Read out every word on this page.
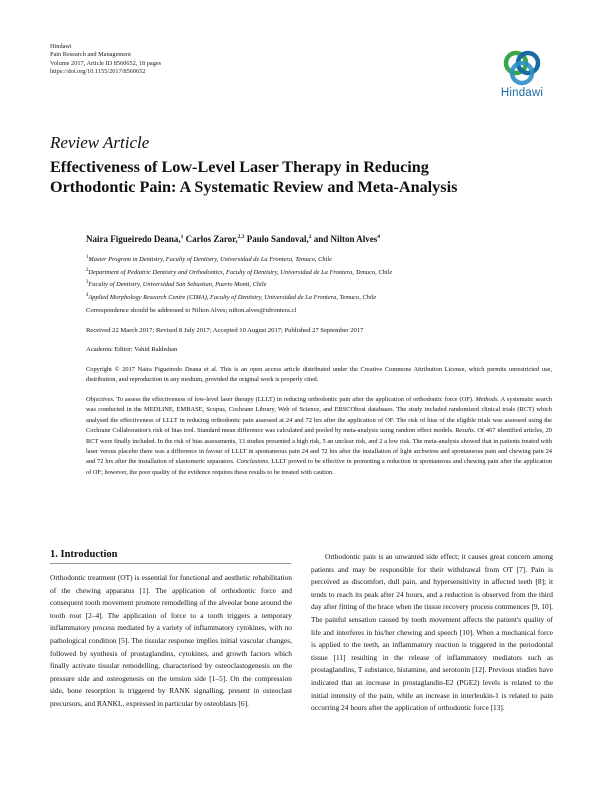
Hindawi
Pain Research and Management
Volume 2017, Article ID 8560652, 18 pages
https://doi.org/10.1155/2017/8560652
Hindawi
Review Article
Effectiveness of Low-Level Laser Therapy in Reducing
Orthodontic Pain: A Systematic Review and Meta-Analysis
Naira Figueiredo Deana,$^1$ Carlos Zaror,$^{2,3}$ Paulo Sandoval,$^2$ and Nilton Alves$^4$
$^1$Master Program in Dentistry, Faculty of Dentistry, Universidad de La Frontera, Temuco, Chile
$^2$Department of Pediatric Dentistry and Orthodontics, Faculty of Dentistry, Universidad de La Frontera, Temuco, Chile
$^3$Faculty of Dentistry, Universidad San Sebastian, Puerto Montt, Chile
$^4$Applied Morphology Research Centre (CIMA), Faculty of Dentistry, Universidad de La Frontera, Temuco, Chile
Correspondence should be addressed to Nilton Alves; nilton.alves@ufrontera.cl
Received 22 March 2017; Revised 8 July 2017; Accepted 10 August 2017; Published 27 September 2017
Academic Editor: Vahid Rakhshan
Copyright © 2017 Naira Figueiredo Deana et al. This is an open access article distributed under the Creative Commons Attribution License, which permits unrestricted use, distribution, and reproduction in any medium, provided the original work is properly cited.
Objectives. To assess the effectiveness of low-level laser therapy (LLLT) in reducing orthodontic pain after the application of orthodontic force (OF). Methods. A systematic search was conducted in the MEDLINE, EMBASE, Scopus, Cochrane Library, Web of Science, and EBSCOhost databases. The study included randomized clinical trials (RCT) which analysed the effectiveness of LLLT in reducing orthodontic pain assessed at 24 and 72 hrs after the application of OF. The risk of bias of the eligible trials was assessed using the Cochrane Collaboration's risk of bias tool. Standard mean difference was calculated and pooled by meta-analysis using random effect models. Results. Of 467 identified articles, 20 RCT were finally included. In the risk of bias assessments, 13 studies presented a high risk, 5 an unclear risk, and 2 a low risk. The meta-analysis showed that in patients treated with laser versus placebo there was a difference in favour of LLLT in spontaneous pain 24 and 72 hrs after the installation of light archwires and spontaneous pain and chewing pain 24 and 72 hrs after the installation of elastomeric separators. Conclusions. LLLT proved to be effective in promoting a reduction in spontaneous and chewing pain after the application of OF; however, the poor quality of the evidence requires these results to be treated with caution.
1. Introduction
Orthodontic treatment (OT) is essential for functional and aesthetic rehabilitation of the chewing apparatus [1]. The application of orthodontic force and consequent tooth movement promote remodelling of the alveolar bone around the tooth root [2–4]. The application of force to a tooth triggers a temporary inflammatory process mediated by a variety of inflammatory cytokines, with no pathological condition [5]. The tissular response implies initial vascular changes, followed by synthesis of prostaglandins, cytokines, and growth factors which finally activate tissular remodelling, characterised by osteoclastogenesis on the pressure side and osteogenesis on the tension side [1–5]. On the compression side, bone resorption is triggered by RANK signalling, present in osteoclast precursors, and RANKL, expressed in particular by osteoblasts [6].
Orthodontic pain is an unwanted side effect; it causes great concern among patients and may be responsible for their withdrawal from OT [7]. Pain is perceived as discomfort, dull pain, and hypersensitivity in affected teeth [8]; it tends to reach its peak after 24 hours, and a reduction is observed from the third day after fitting of the brace when the tissue recovery process commences [9, 10]. The painful sensation caused by tooth movement affects the patient's quality of life and interferes in his/her chewing and speech [10]. When a mechanical force is applied to the teeth, an inflammatory reaction is triggered in the periodontal tissue [11] resulting in the release of inflammatory mediators such as prostaglandins, T substance, histamine, and serotonin [12]. Previous studies have indicated that an increase in prostaglandin-E2 (PGE2) levels is related to the initial intensity of the pain, while an increase in interleukin-1 is related to pain occurring 24 hours after the application of orthodontic force [13].
